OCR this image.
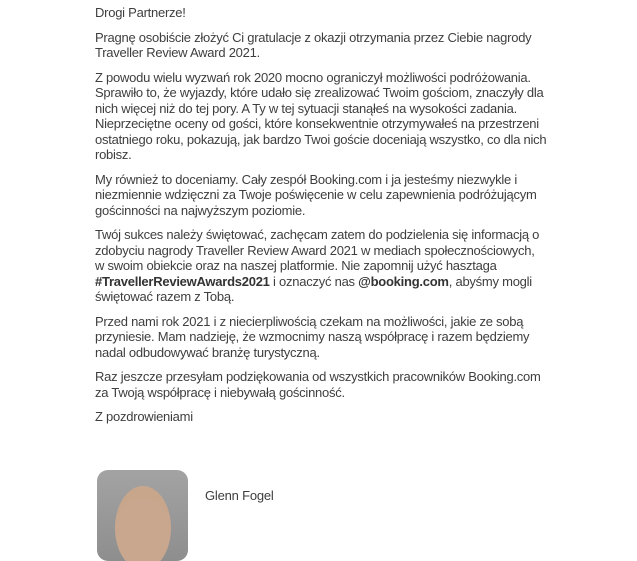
Drogi Partnerze!

Pragnę osobiście złożyć Ci gratulacje z okazji otrzymania przez Ciebie nagrody Traveller Review Award 2021.

Z powodu wielu wyzwań rok 2020 mocno ograniczył możliwości podróżowania. Sprawiło to, że wyjazdy, które udało się zrealizować Twoim gościom, znaczyły dla nich więcej niż do tej pory. A Ty w tej sytuacji stanąłeś na wysokości zadania. Nieprzeciętne oceny od gości, które konsekwentnie otrzymywałeś na przestrzeni ostatniego roku, pokazują, jak bardzo Twoi goście doceniają wszystko, co dla nich robisz.

My również to doceniamy. Cały zespół Booking.com i ja jesteśmy niezwykle i niezmiennie wdzięczni za Twoje poświęcenie w celu zapewnienia podróżującym gościnności na najwyższym poziomie.

Twój sukces należy świętować, zachęcam zatem do podzielenia się informacją o zdobyciu nagrody Traveller Review Award 2021 w mediach społecznościowych, w swoim obiekcie oraz na naszej platformie. Nie zapomnij użyć hasztaga #TravellerReviewAwards2021 i oznaczyć nas @booking.com, abyśmy mogli świętować razem z Tobą.

Przed nami rok 2021 i z niecierpliwością czekam na możliwości, jakie ze sobą przyniesie. Mam nadzieję, że wzmocnimy naszą współpracę i razem będziemy nadal odbudowywać branżę turystyczną.

Raz jeszcze przesyłam podziękowania od wszystkich pracowników Booking.com za Twoją współpracę i niebywałą gościnność.

Z pozdrowieniami

Glenn Fogel
